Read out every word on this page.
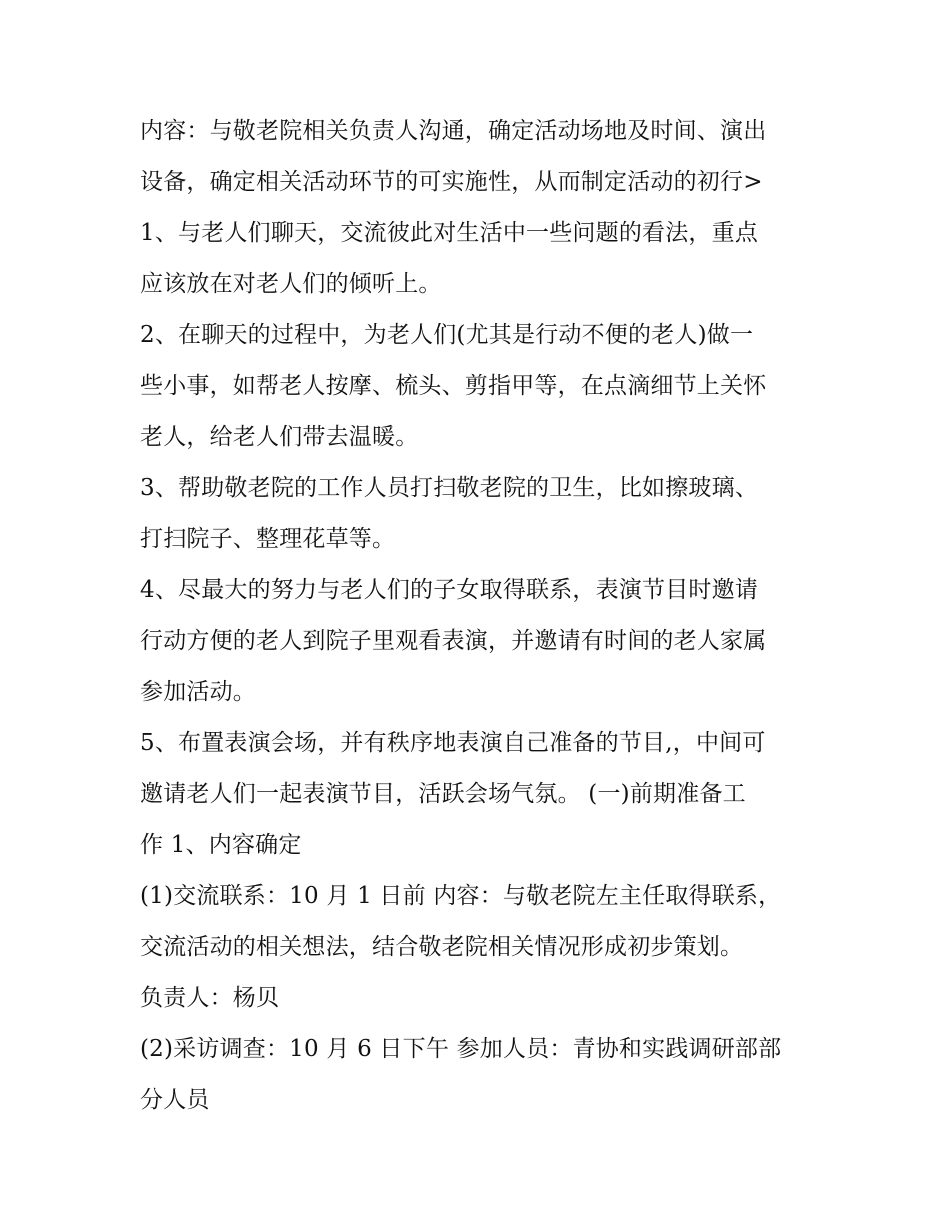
内容：与敬老院相关负责人沟通，确定活动场地及时间、演出

设备，确定相关活动环节的可实施性，从而制定活动的初行>

1、与老人们聊天，交流彼此对生活中一些问题的看法，重点

应该放在对老人们的倾听上。

2、在聊天的过程中，为老人们(尤其是行动不便的老人)做一

些小事，如帮老人按摩、梳头、剪指甲等，在点滴细节上关怀

老人，给老人们带去温暖。

3、帮助敬老院的工作人员打扫敬老院的卫生，比如擦玻璃、

打扫院子、整理花草等。

4、尽最大的努力与老人们的子女取得联系，表演节目时邀请

行动方便的老人到院子里观看表演，并邀请有时间的老人家属

参加活动。

5、布置表演会场，并有秩序地表演自己准备的节目,，中间可

邀请老人们一起表演节目，活跃会场气氛。 (一)前期准备工

作 1、内容确定

(1)交流联系：10 月 1 日前 内容：与敬老院左主任取得联系，

交流活动的相关想法，结合敬老院相关情况形成初步策划。

负责人：杨贝

(2)采访调查：10 月 6 日下午 参加人员：青协和实践调研部部

分人员
